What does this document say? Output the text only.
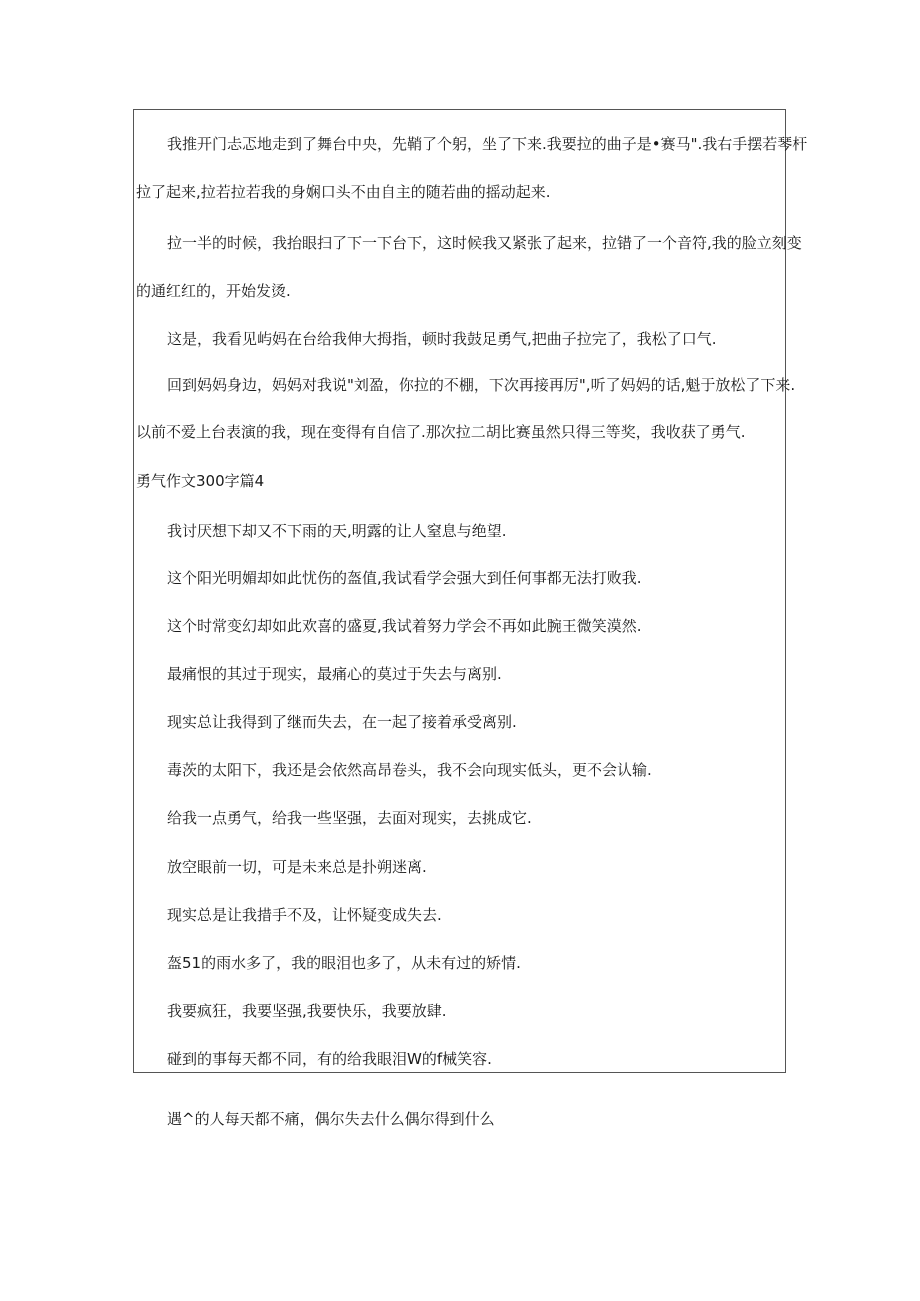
我推开门忐忑地走到了舞台中央，先鞘了个躬，坐了下来.我要拉的曲子是•赛马".我右手摆若琴杆
拉了起来,拉若拉若我的身娴口头不由自主的随若曲的摇动起来.
拉一半的时候，我抬眼扫了下一下台下，这时候我又紧张了起来，拉错了一个音符,我的脸立刻变
的通红红的，开始发烫.
这是，我看见屿妈在台给我伸大拇指，顿时我鼓足勇气,把曲子拉完了，我松了口气.
回到妈妈身边，妈妈对我说"刘盈，你拉的不棚，下次再接再厉",听了妈妈的话,魁于放松了下来.
以前不爱上台表演的我，现在变得有自信了.那次拉二胡比赛虽然只得三等奖，我收获了勇气.
勇气作文300字篇4
我讨厌想下却又不下雨的天,明露的让人窒息与绝望.
这个阳光明媚却如此忧伤的盔值,我试看学会强大到任何事都无法打败我.
这个时常变幻却如此欢喜的盛夏,我试着努力学会不再如此腕王微笑漠然.
最痛恨的其过于现实，最痛心的莫过于失去与离别.
现实总让我得到了继而失去，在一起了接着承受离别.
毒茨的太阳下，我还是会依然高昂卷头，我不会向现实低头，更不会认输.
给我一点勇气，给我一些坚强，去面对现实，去挑成它.
放空眼前一切，可是未来总是扑朔迷离.
现实总是让我措手不及，让怀疑变成失去.
盔51的雨水多了，我的眼泪也多了，从未有过的矫情.
我要疯狂，我要坚强,我要快乐，我要放肆.
碰到的事每天都不同，有的给我眼泪W的f械笑容.
遇^的人每天都不痛，偶尔失去什么偶尔得到什么
